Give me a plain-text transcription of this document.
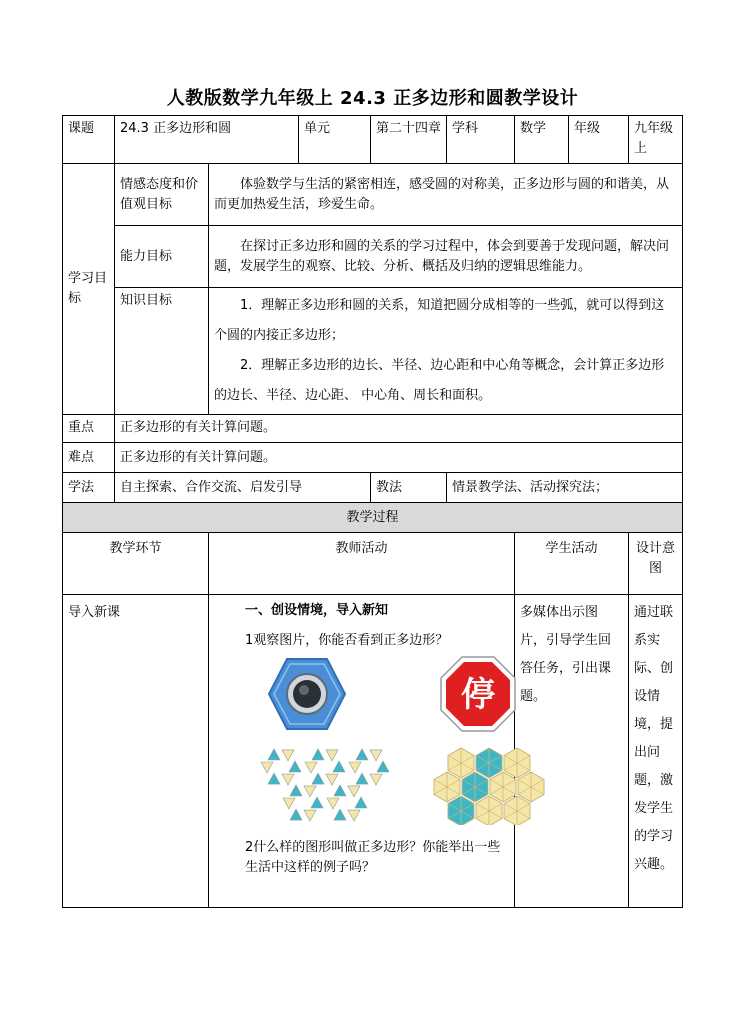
人教版数学九年级上 24.3 正多边形和圆教学设计
课题	24.3 正多边形和圆		单元	第二十四章	学科	数学	年级	九年级上
学习目标	情感态度和价值观目标	体验数学与生活的紧密相连，感受圆的对称美，正多边形与圆的和谐美，从而更加热爱生活，珍爱生命。						
	能力目标	在探讨正多边形和圆的关系的学习过程中，体会到要善于发现问题，解决问题，发展学生的观察、比较、分析、概括及归纳的逻辑思维能力。						
	知识目标	1．理解正多边形和圆的关系，知道把圆分成相等的一些弧，就可以得到这个圆的内接正多边形；

2．理解正多边形的边长、半径、边心距和中心角等概念，会计算正多边形的边长、半径、边心距、 中心角、周长和面积。						

重点	正多边形的有关计算问题。							
难点	正多边形的有关计算问题。							
学法	自主探索、合作交流、启发引导			教法	情景教学法、活动探究法；			
教学过程								
教学环节		教师活动				学生活动		设计意图
导入新课		一、创设情境，导入新知
1观察图片，你能否看到正多边形？
停
2什么样的图形叫做正多边形？你能举出一些生活中这样的例子吗？				多媒体出示图片，引导学生回答任务，引出课题。		通过联系实际、创设情境，提出问题，激发学生的学习兴趣。
